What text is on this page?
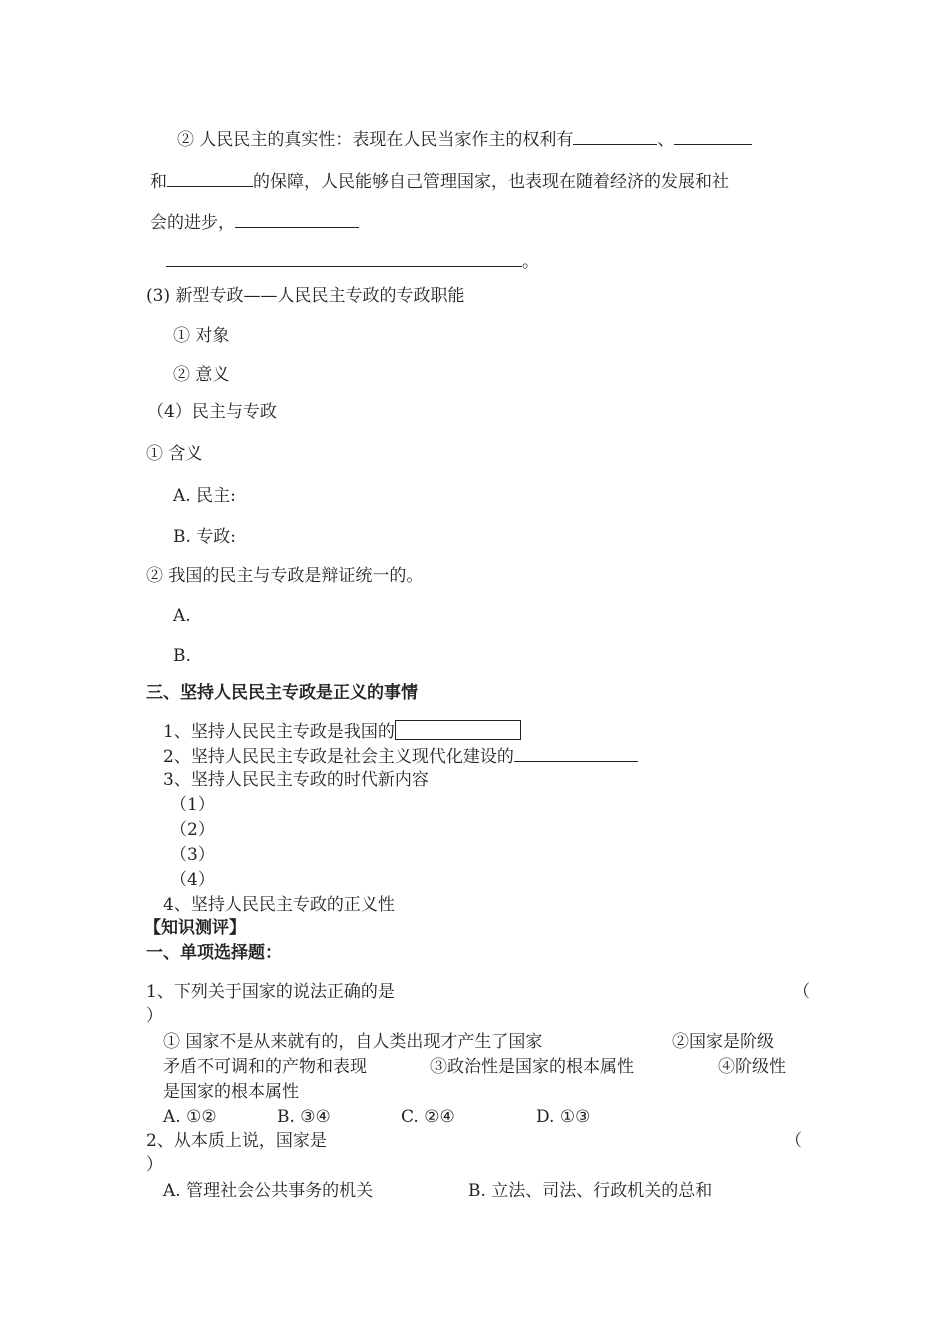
② 人民民主的真实性：表现在人民当家作主的权利有	、
和	的保障，人民能够自己管理国家，也表现在随着经济的发展和社
会的进步，
。
(3) 新型专政——人民民主专政的专政职能
① 对象
② 意义
（4）民主与专政
① 含义
A. 民主:
B. 专政:
② 我国的民主与专政是辩证统一的。
A.
B.
三、坚持人民民主专政是正义的事情
1、坚持人民民主专政是我国的
2、坚持人民民主专政是社会主义现代化建设的
3、坚持人民民主专政的时代新内容
（1）
（2）
（3）
（4）
4、坚持人民民主专政的正义性
【知识测评】
一、单项选择题：
1、下列关于国家的说法正确的是	（
）
① 国家不是从来就有的，自人类出现才产生了国家	②国家是阶级
矛盾不可调和的产物和表现	③政治性是国家的根本属性	④阶级性
是国家的根本属性
A. ①②	B. ③④	C. ②④	D. ①③
2、从本质上说，国家是	（
）
A. 管理社会公共事务的机关	B. 立法、司法、行政机关的总和
